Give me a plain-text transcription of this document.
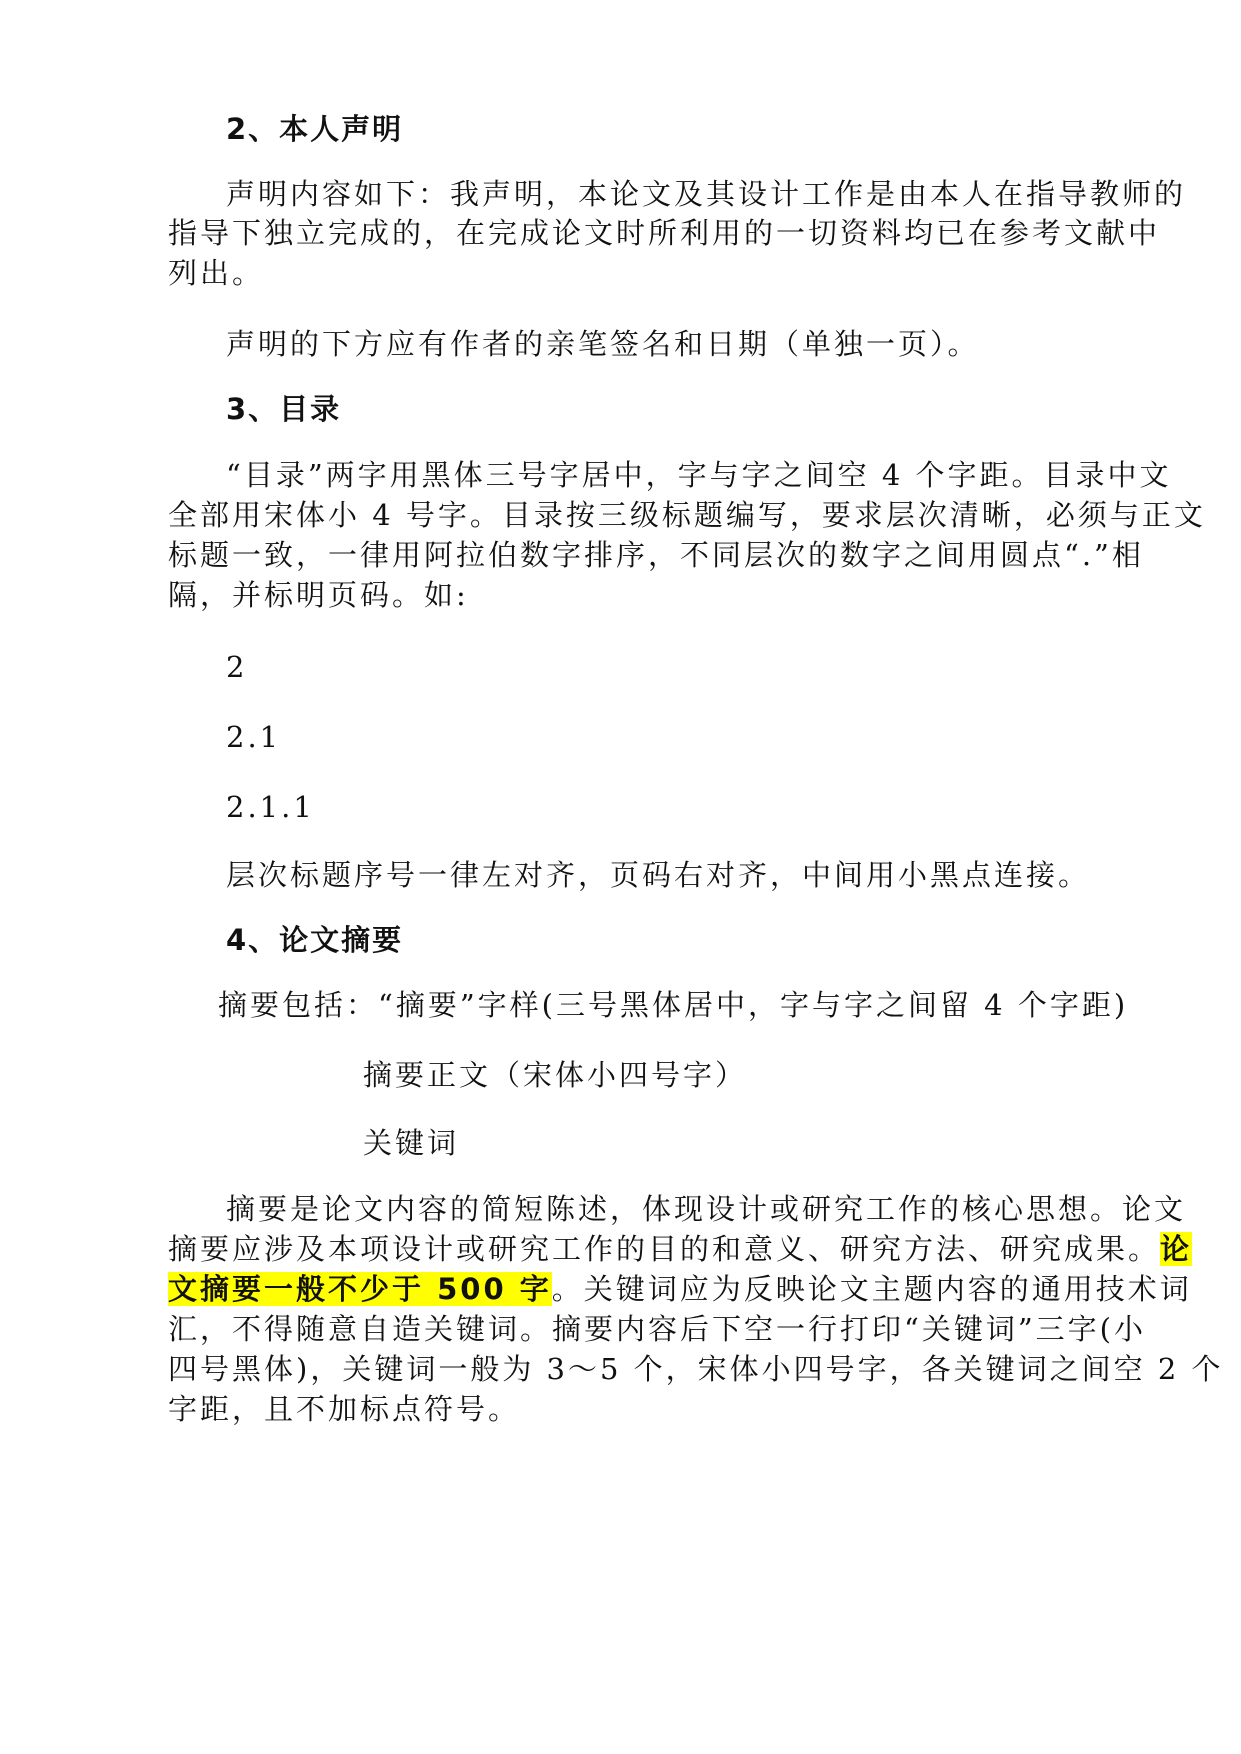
2、本人声明
声明内容如下：我声明，本论文及其设计工作是由本人在指导教师的
指导下独立完成的，在完成论文时所利用的一切资料均已在参考文献中
列出。
声明的下方应有作者的亲笔签名和日期（单独一页）。
3、目录
“目录”两字用黑体三号字居中，字与字之间空 4 个字距。目录中文
全部用宋体小 4 号字。目录按三级标题编写，要求层次清晰，必须与正文
标题一致，一律用阿拉伯数字排序，不同层次的数字之间用圆点“.”相
隔，并标明页码。如:
2
2.1
2.1.1
层次标题序号一律左对齐，页码右对齐，中间用小黑点连接。
4、论文摘要
摘要包括：“摘要”字样(三号黑体居中，字与字之间留 4 个字距)
摘要正文（宋体小四号字）
关键词
摘要是论文内容的简短陈述，体现设计或研究工作的核心思想。论文
摘要应涉及本项设计或研究工作的目的和意义、研究方法、研究成果。论
文摘要一般不少于 500 字。关键词应为反映论文主题内容的通用技术词
汇，不得随意自造关键词。摘要内容后下空一行打印“关键词”三字(小
四号黑体)，关键词一般为 3～5 个，宋体小四号字，各关键词之间空 2 个
字距，且不加标点符号。
